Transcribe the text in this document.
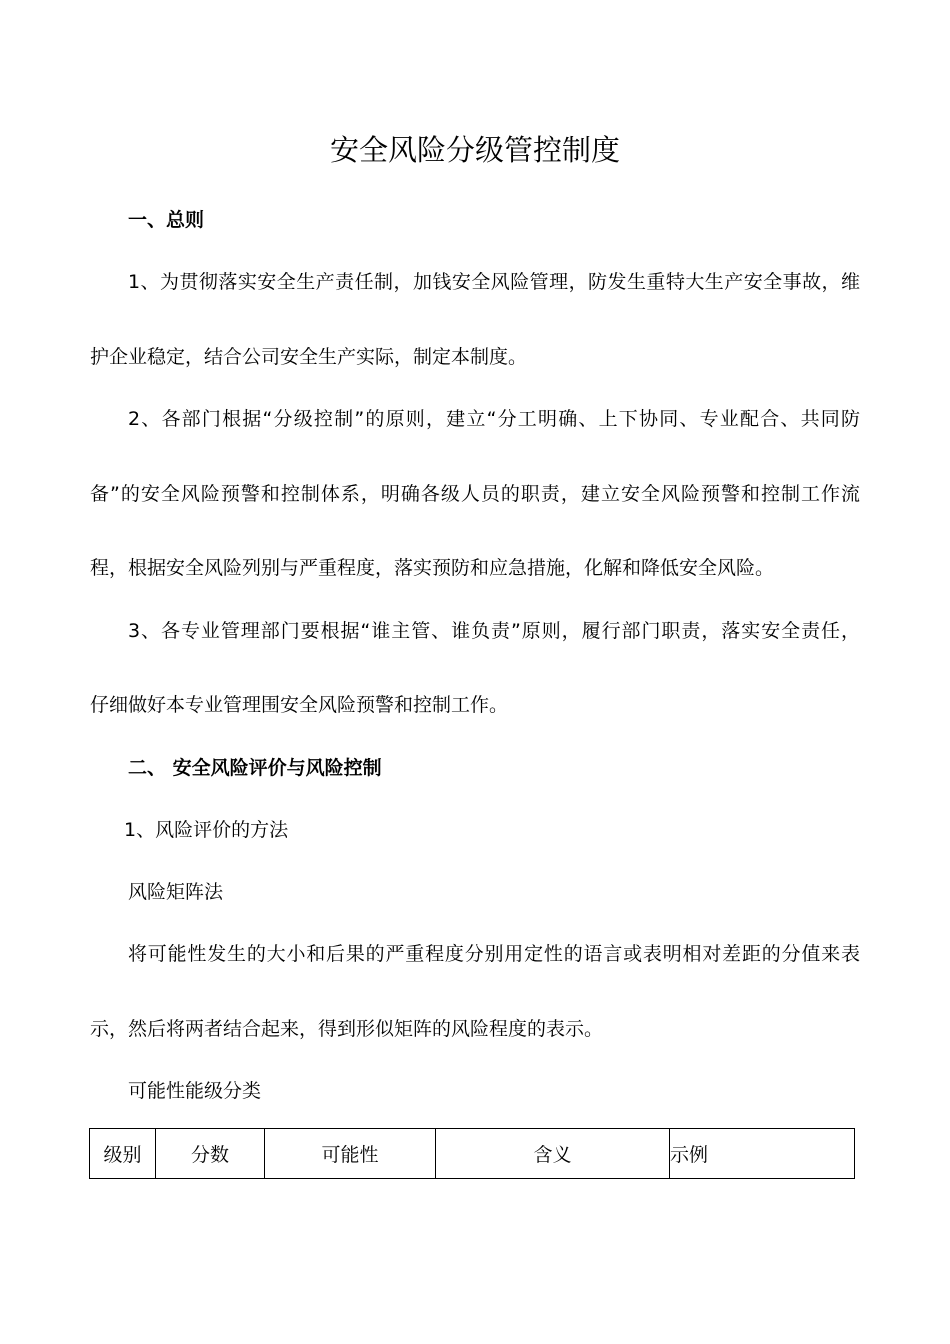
安全风险分级管控制度
一、总则

1、为贯彻落实安全生产责任制，加钱安全风险管理，防发生重特大生产安全事故，维

护企业稳定，结合公司安全生产实际，制定本制度。

2、各部门根据“分级控制”的原则，建立“分工明确、上下协同、专业配合、共同防

备”的安全风险预警和控制体系，明确各级人员的职责，建立安全风险预警和控制工作流

程，根据安全风险列别与严重程度，落实预防和应急措施，化解和降低安全风险。

3、各专业管理部门要根据“谁主管、谁负责”原则，履行部门职责，落实安全责任，

仔细做好本专业管理围安全风险预警和控制工作。

二、 安全风险评价与风险控制

1、风险评价的方法

风险矩阵法

将可能性发生的大小和后果的严重程度分别用定性的语言或表明相对差距的分值来表

示，然后将两者结合起来，得到形似矩阵的风险程度的表示。

可能性能级分类

级别	分数	可能性	含义	示例
